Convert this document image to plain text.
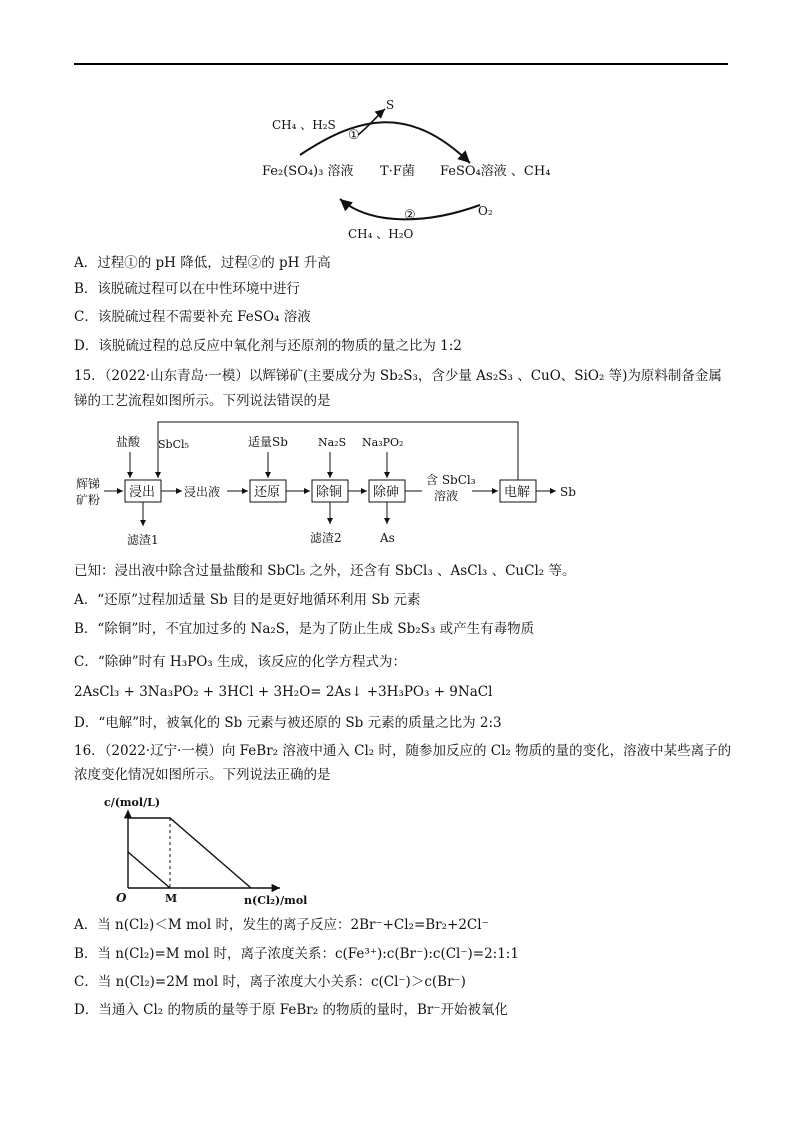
CH₄ 、H₂S
S
①
Fe₂(SO₄)₃ 溶液 T·F菌 FeSO₄溶液 、CH₄
②	O₂
CH₄ 、H₂O
A．过程①的 pH 降低，过程②的 pH 升高
B．该脱硫过程可以在中性环境中进行
C．该脱硫过程不需要补充 FeSO₄ 溶液
D．该脱硫过程的总反应中氧化剂与还原剂的物质的量之比为 1:2
15．（2022·山东青岛·一模）以辉锑矿(主要成分为 Sb₂S₃，含少量 As₂S₃ 、CuO、SiO₂ 等)为原料制备金属
锑的工艺流程如图所示。下列说法错误的是
浸出	还原	除铜 除砷	电解
辉锑
矿粉
浸出液
含 SbCl₃
溶液	Sb
盐酸 SbCl₅	适量Sb	Na₂S Na₃PO₂
滤渣1	滤渣2	As
已知：浸出液中除含过量盐酸和 SbCl₅ 之外，还含有 SbCl₃ 、AsCl₃ 、CuCl₂ 等。
A．“还原”过程加适量 Sb 目的是更好地循环利用 Sb 元素
B．“除铜”时，不宜加过多的 Na₂S，是为了防止生成 Sb₂S₃ 或产生有毒物质
C．“除砷”时有 H₃PO₃ 生成，该反应的化学方程式为：
2AsCl₃ + 3Na₃PO₂ + 3HCl + 3H₂O= 2As↓ +3H₃PO₃ + 9NaCl
D．“电解”时，被氧化的 Sb 元素与被还原的 Sb 元素的质量之比为 2:3
16．（2022·辽宁·一模）向 FeBr₂ 溶液中通入 Cl₂ 时，随参加反应的 Cl₂ 物质的量的变化，溶液中某些离子的
浓度变化情况如图所示。下列说法正确的是
c/(mol/L)
O	M	n(Cl₂)/mol
A．当 n(Cl₂)＜M mol 时，发生的离子反应：2Br⁻+Cl₂=Br₂+2Cl⁻
B．当 n(Cl₂)=M mol 时，离子浓度关系：c(Fe³⁺):c(Br⁻):c(Cl⁻)=2:1:1
C．当 n(Cl₂)=2M mol 时，离子浓度大小关系：c(Cl⁻)＞c(Br⁻)
D．当通入 Cl₂ 的物质的量等于原 FeBr₂ 的物质的量时，Br⁻开始被氧化
